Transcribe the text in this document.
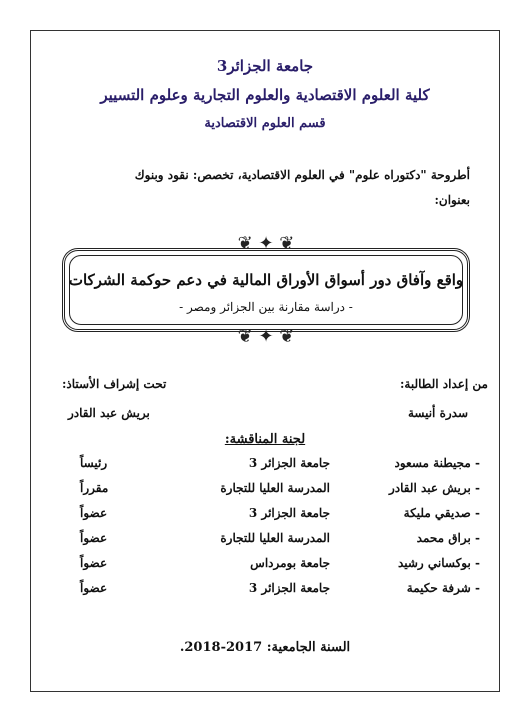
جامعة الجزائر3
كلية العلوم الاقتصادية والعلوم التجارية وعلوم التسيير
قسم العلوم الاقتصادية
أطروحة "دكتوراه علوم" في العلوم الاقتصادية، تخصص: نقود وبنوك
بعنوان:
❦ ✦ ❦
❦ ✦ ❦
واقع وآفاق دور أسواق الأوراق المالية في دعم حوكمة الشركات
- دراسة مقارنة بين الجزائر ومصر -
من إعداد الطالبة:
سدرة أنيسة
تحت إشراف الأستاذ:
بريش عبد القادر
لجنة المناقشة:
- مجيطنة مسعود
جامعة الجزائر 3
رئيساً
- بريش عبد القادر
المدرسة العليا للتجارة
مقرراً
- صديقي مليكة
جامعة الجزائر 3
عضواً
- براق محمد
المدرسة العليا للتجارة
عضواً
- بوكساني رشيد
جامعة بومرداس
عضواً
- شرفة حكيمة
جامعة الجزائر 3
عضواً
السنة الجامعية: 2017-2018.
